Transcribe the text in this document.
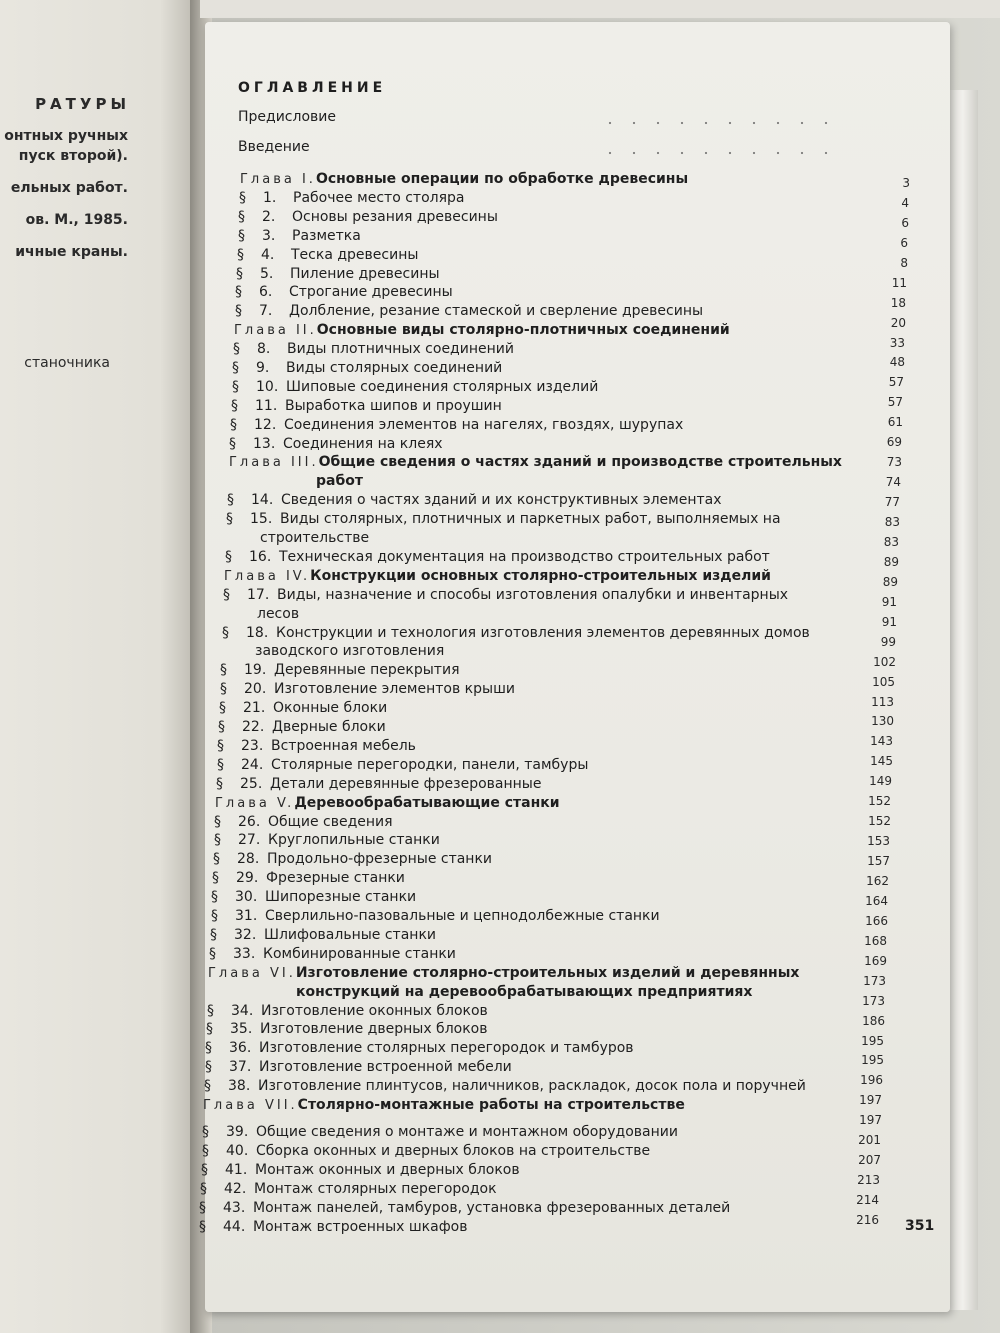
РАТУРЫ
онтных ручных
пуск второй).
ельных работ.
ов. М., 1985.
ичные краны.
станочника
ОГЛАВЛЕНИЕ
Предисловие
Введение
Глава I.Основные операции по обработке древесины
§ 1.Рабочее место столяра
§ 2.Основы резания древесины
§ 3.Разметка
§ 4.Теска древесины
§ 5.Пиление древесины
§ 6.Строгание древесины
§ 7.Долбление, резание стамеской и сверление древесины
Глава II.Основные виды столярно-плотничных соединений
§ 8.Виды плотничных соединений
§ 9.Виды столярных соединений
§ 10.Шиповые соединения столярных изделий
§ 11.Выработка шипов и проушин
§ 12.Соединения элементов на нагелях, гвоздях, шурупах
§ 13.Соединения на клеях
Глава III.Общие сведения о частях зданий и производстве строительных
работ
§ 14.Сведения о частях зданий и их конструктивных элементах
§ 15.Виды столярных, плотничных и паркетных работ, выполняемых на
строительстве
§ 16.Техническая документация на производство строительных работ
Глава IV.Конструкции основных столярно-строительных изделий
§ 17.Виды, назначение и способы изготовления опалубки и инвентарных
лесов
§ 18.Конструкции и технология изготовления элементов деревянных домов
заводского изготовления
§ 19.Деревянные перекрытия
§ 20.Изготовление элементов крыши
§ 21.Оконные блоки
§ 22.Дверные блоки
§ 23.Встроенная мебель
§ 24.Столярные перегородки, панели, тамбуры
§ 25.Детали деревянные фрезерованные
Глава V.Деревообрабатывающие станки
§ 26.Общие сведения
§ 27.Круглопильные станки
§ 28.Продольно-фрезерные станки
§ 29.Фрезерные станки
§ 30.Шипорезные станки
§ 31.Сверлильно-пазовальные и цепнодолбежные станки
§ 32.Шлифовальные станки
§ 33.Комбинированные станки
Глава VI.Изготовление столярно-строительных изделий и деревянных
конструкций на деревообрабатывающих предприятиях
§ 34.Изготовление оконных блоков
§ 35.Изготовление дверных блоков
§ 36.Изготовление столярных перегородок и тамбуров
§ 37.Изготовление встроенной мебели
§ 38.Изготовление плинтусов, наличников, раскладок, досок пола и поручней
Глава VII.Столярно-монтажные работы на строительстве
§ 39.Общие сведения о монтаже и монтажном оборудовании
§ 40.Сборка оконных и дверных блоков на строительстве
§ 41.Монтаж оконных и дверных блоков
§ 42.Монтаж столярных перегородок
§ 43.Монтаж панелей, тамбуров, установка фрезерованных деталей
§ 44.Монтаж встроенных шкафов
3
4
6
6
8
11
18
20
33
48
57
57
61
69
73
74
77
83
83
89
89
91
91
99
102
105
113
130
143
145
149
152
152
153
157
162
164
166
168
169
173
173
186
195
195
196
197
197
201
207
213
214
216 351
